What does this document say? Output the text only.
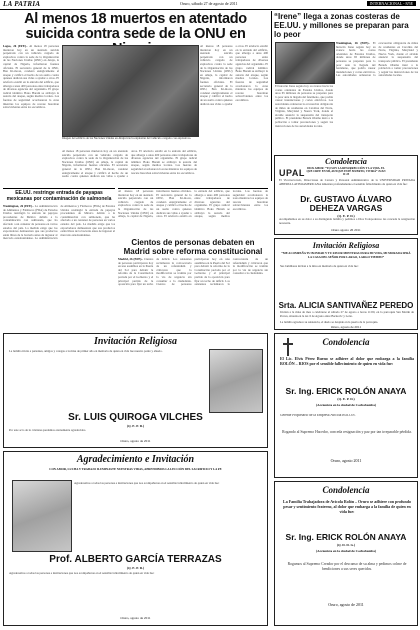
LA PATRIA	Oruro, sábado 27 de agosto de 2011	INTERNACIONAL - 8/5E
Al menos 18 muertos en atentado suicida contra sede de la ONU en
Lagos, 26 (EFE).- Al menos 18 personas murieron hoy en un atentado suicida perpetrado con un vehículo cargado de explosivos contra la sede de la Organización de las Naciones Unidas (ONU) en Abuja, la capital de Nigeria, informaron fuentes oficiales. El secretario general de la ONU, Ban Ki-moon, condenó enérgicamente el ataque y calificó el hecho de un asalto contra quienes dedican sus vidas a ayudar a otros. El artefacto estalló en la entrada del edificio, que alberga a unas 400 personas entre trabajadores de diversas agencias del organismo. El grupo radical islámico Boko Haram se atribuyó la autoría del ataque, según medios locales. Las fuerzas de seguridad acordonaron la zona mientras los equipos de rescate buscaban sobrevivientes entre los escombros.
Imagen del edificio de las Naciones Unidas en Abuja tras la explosión del vehículo cargado con explosivos.
Al menos 18 personas murieron hoy en un atentado suicida perpetrado con un vehículo cargado de explosivos contra la sede de la Organización de las Naciones Unidas (ONU) en Abuja, la capital de Nigeria, informaron fuentes oficiales. El secretario general de la ONU, Ban Ki-moon, condenó enérgicamente el ataque y calificó el hecho de un asalto contra quienes dedican sus vidas a ayudar a otros. El artefacto estalló en la entrada del edificio, que alberga a unas 400 personas entre trabajadores de diversas agencias del organismo. El grupo radical islámico Boko Haram se atribuyó la autoría del ataque, según medios locales. Las fuerzas de seguridad acordonaron la zona mientras los equipos de rescate buscaban sobrevivientes entre los escombros.
Al menos 18 personas murieron hoy en un atentado suicida perpetrado con un vehículo cargado de explosivos contra la sede de la Organización de las Naciones Unidas (ONU) en Abuja, la capital de Nigeria, informaron fuentes oficiales. El secretario general de la ONU, Ban Ki-moon, condenó enérgicamente el ataque y calificó el hecho de un asalto contra quienes dedican sus vidas a ayudar a otros. El artefacto estalló en la entrada del edificio, que alberga a unas 400 personas entre trabajadores de diversas agencias del organismo. El grupo radical islámico Boko Haram se atribuyó la autoría del ataque, según medios locales. Las fuerzas de seguridad acordonaron la zona mientras los equipos de rescate buscaban sobrevivientes entre los escombros.
“Irene” llega a zonas costeras de EE.UU. y millones se preparan para lo peor
Washington, 26 (EFE).- El huracán Irene seguía hoy su avance hacia las costas orientales de Estados Unidos, donde unos 65 millones de personas se preparan para lo peor ante la llegada del fenómeno, que podría causar inundaciones y cortes eléctricos. Las autoridades ordenaron la evacuación obligatoria de miles de residentes en Carolina del Norte, Virginia, Maryland y Nueva York, donde el alcalde anunció la suspensión del transporte público. El presidente Barack Obama instó a la población a tomar precauciones y seguir las instrucciones de las autoridades locales.
El huracán Irene seguía hoy su avance hacia las costas orientales de Estados Unidos, donde unos 65 millones de personas se preparan para lo peor ante la llegada del fenómeno, que podría causar inundaciones y cortes eléctricos. Las autoridades ordenaron la evacuación obligatoria de miles de residentes en Carolina del Norte, Virginia, Maryland y Nueva York, donde el alcalde anunció la suspensión del transporte público. El presidente Barack Obama instó a la población a tomar precauciones y seguir las instrucciones de las autoridades locales.
EE.UU. restringe entrada de payapas mexicanas por contaminación de salmonela
Washington, 26 (EFE).- La Administración de Alimentos y Fármacos (FDA) de Estados Unidos restringió la entrada de papayas procedentes de México debido a la contaminación con salmonela, que ha afectado a un centenar de personas en varios estados del país. La medida exige que los exportadores demuestren que sus productos están libres de la bacteria antes de ingresar al mercado estadounidense. La Administración de Alimentos y Fármacos (FDA) de Estados Unidos restringió la entrada de papayas procedentes de México debido a la contaminación con salmonela, que ha afectado a un centenar de personas en varios estados del país. La medida exige que los exportadores demuestren que sus productos están libres de la bacteria antes de ingresar al mercado estadounidense.
Al menos 18 personas murieron hoy en un atentado suicida perpetrado con un vehículo cargado de explosivos contra la sede de la Organización de las Naciones Unidas (ONU) en Abuja, la capital de Nigeria, informaron fuentes oficiales. El secretario general de la ONU, Ban Ki-moon, condenó enérgicamente el ataque y calificó el hecho de un asalto contra quienes dedican sus vidas a ayudar a otros. El artefacto estalló en la entrada del edificio, que alberga a unas 400 personas entre trabajadores de diversas agencias del organismo. El grupo radical islámico Boko Haram se atribuyó la autoría del ataque, según medios locales. Las fuerzas de seguridad acordonaron la zona mientras los equipos de rescate buscaban sobrevivientes entre los escombros.
Cientos de personas debaten en Madrid sobre reforma constitucional
Madrid, 26 (EFE).- Cientos de personas participaron hoy en una asamblea en la Puerta del Sol para debatir la reforma de la Constitución pactada por el Gobierno y el principal partido de la oposición para fijar un techo de déficit. Los asistentes reclamaron la convocatoria de un referéndum y criticaron que la modificación se tramite por la vía de urgencia sin consultar a la ciudadanía. Cientos de personas participaron hoy en una asamblea en la Puerta del Sol para debatir la reforma de la Constitución pactada por el Gobierno y el principal partido de la oposición para fijar un techo de déficit. Los asistentes reclamaron la convocatoria de un referéndum y criticaron que la modificación se tramite por la vía de urgencia sin consultar a la ciudadanía.
Condolencia
DIOS AMOR: “YO SOY LA RESURRECCIÓN Y LA VIDA. EL QUE CREE EN MÍ, AUNQUE ESTÉ MUERTO, VIVIRÁ” JUAN 11:25
UPAL
El Vicerrectorado, Direcciones de Carrera y Personal Administrativo de la UNIVERSIDAD PRIVADA ABIERTA LATINOAMERICANA lamentan profundamente el sensible fallecimiento de quien en vida fue:
Dr. GUSTAVO ÁLVARO DEHEZA VARGAS
(Q. E. P. D.)
Acompañamos en su dolor a su distinguida familia y pedimos a Dios Todopoderoso les conceda la resignación necesaria.
Oruro agosto 26 2011
Invitación Religiosa
“ME ACOMPAÑA TU BONDAD Y TU FAVOR MIENTRAS DURA MI VIDA, MI MORADA SERÁ LA CASA DEL SEÑOR POR LARGO, LARGO TIEMPO”
Sus familiares invitan a la misa en memoria de quien en vida fue:
Srta. ALICIA SANTIVAÑEZ PEREDO
Invitan a la misa de mes a celebrarse el sábado 27 de agosto a horas 11:00, en la parroquia San Martín de Porres, situada en la Av. 6 de Agosto entre Backovic y León.
La familia agradece su asistencia, el duelo se despide en la puerta de la parroquia.
Oruro, agosto de 2011
Invitación Religiosa
La familia invita a parientes, amigos y colegas a la misa de primer año en memoria de quien en vida fue nuestro padre y abuelo.
Sr. LUIS QUIROGA VILCHES
(Q. E. P. D.)
Por este acto de fe cristiana quedamos eternamente agradecidos.
Oruro, agosto de 2011
Agradecimiento e Invitación
CON AMOR, LUCHA Y TRABAJO ILUMINASTE NUESTRAS VIDAS, APRENDIMOS LA LECCIÓN DEL SACRIFICIO Y LA FE
Agradecemos a todas las personas e instituciones que nos acompañaron en el sensible fallecimiento de quien en vida fue:
Prof. ALBERTO GARCÍA TERRAZAS
(Q. E. P. D.)
Agradecemos a todas las personas e instituciones que nos acompañaron en el sensible fallecimiento de quien en vida fue:
Oruro, agosto de 2011
Condolencia
El Lic. Elvis Pérez Bueno se adhiere al dolor que embarga a la familia ROLÓN – RIOS por el sensible fallecimiento de quien en vida fue:
Sr. Ing. ERICK ROLÓN ANAYA
(Q. E. P. D.)
(Accionista en la ciudad de Cochabamba)
Gerente Propietario de la Empresa Avícola ROLÓN.
Rogando al Supremo Hacedor, conceda resignación y paz por tan irreparable pérdida.
Oruro, agosto 2011
Condolencia
La Familia Trabajadora de Avícola Rolón – Oruro se adhiere con profundo pesar y sentimiento fraterno, al dolor que embarga a la familia de quien en vida fue:
Sr. Ing. ERICK ROLÓN ANAYA
(Q. D. D. G.)
(Accionista en la ciudad de Cochabamba)
Rogamos al Supremo Creador por el descanso de su alma y pedimos colme de bendiciones a sus seres queridos.
Oruro, agosto de 2011
